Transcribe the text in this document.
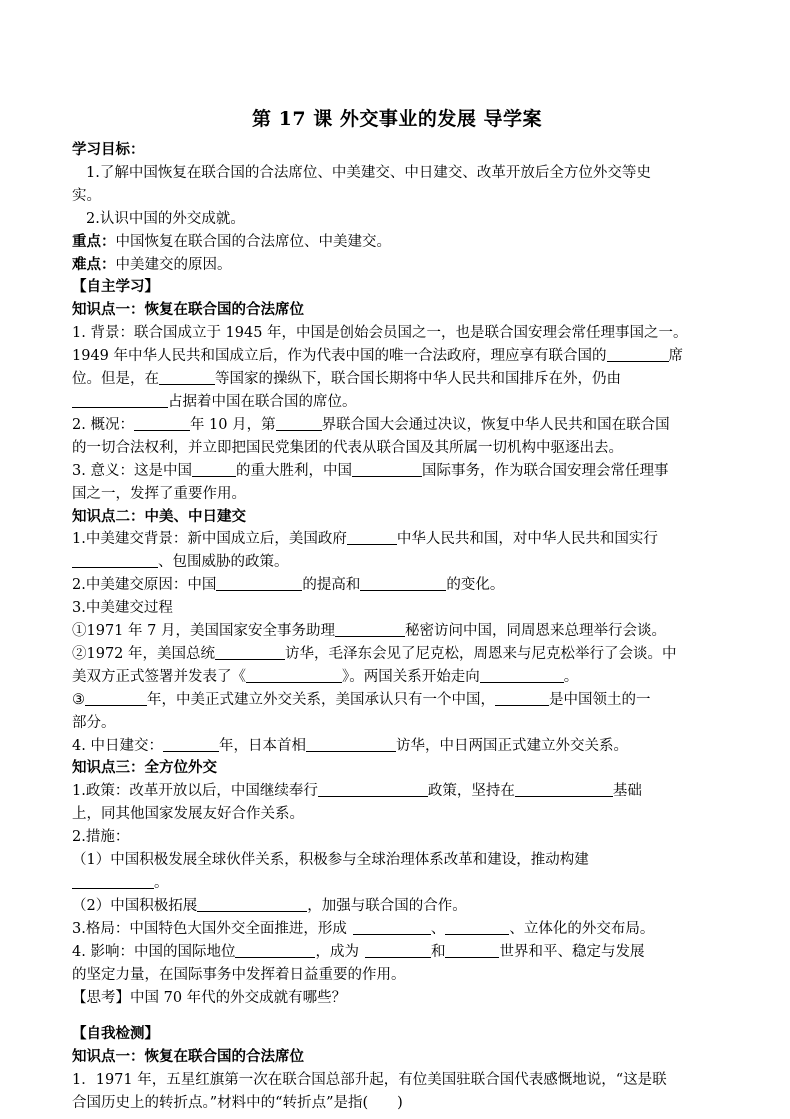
第 17 课 外交事业的发展 导学案
学习目标：
1.了解中国恢复在联合国的合法席位、中美建交、中日建交、改革开放后全方位外交等史
实。
2.认识中国的外交成就。
重点：中国恢复在联合国的合法席位、中美建交。
难点：中美建交的原因。
【自主学习】
知识点一：恢复在联合国的合法席位
1. 背景：联合国成立于 1945 年，中国是创始会员国之一，也是联合国安理会常任理事国之一。
1949 年中华人民共和国成立后，作为代表中国的唯一合法政府，理应享有联合国的	席
位。但是，在	等国家的操纵下，联合国长期将中华人民共和国排斥在外，仍由
占据着中国在联合国的席位。
2. 概况：	年 10 月，第	界联合国大会通过决议，恢复中华人民共和国在联合国
的一切合法权利，并立即把国民党集团的代表从联合国及其所属一切机构中驱逐出去。
3. 意义：这是中国	的重大胜利，中国	国际事务，作为联合国安理会常任理事
国之一，发挥了重要作用。
知识点二：中美、中日建交
1.中美建交背景：新中国成立后，美国政府	中华人民共和国，对中华人民共和国实行
、包围威胁的政策。
2.中美建交原因：中国	的提高和	的变化。
3.中美建交过程
①1971 年 7 月，美国国家安全事务助理	秘密访问中国，同周恩来总理举行会谈。
②1972 年，美国总统	访华，毛泽东会见了尼克松，周恩来与尼克松举行了会谈。中
美双方正式签署并发表了《	》。两国关系开始走向	。
③	年，中美正式建立外交关系，美国承认只有一个中国，	是中国领土的一
部分。
4. 中日建交：	年，日本首相	访华，中日两国正式建立外交关系。
知识点三：全方位外交
1.政策：改革开放以后，中国继续奉行	政策，坚持在	基础
上，同其他国家发展友好合作关系。
2.措施：
（1）中国积极发展全球伙伴关系，积极参与全球治理体系改革和建设，推动构建
。
（2）中国积极拓展	，加强与联合国的合作。
3.格局：中国特色大国外交全面推进，形成	、	、立体化的外交布局。
4. 影响：中国的国际地位	，成为	和	世界和平、稳定与发展
的坚定力量，在国际事务中发挥着日益重要的作用。
【思考】中国 70 年代的外交成就有哪些？
【自我检测】
知识点一：恢复在联合国的合法席位
1．1971 年，五星红旗第一次在联合国总部升起，有位美国驻联合国代表感慨地说，“这是联
合国历史上的转折点。”材料中的“转折点”是指(　　)
